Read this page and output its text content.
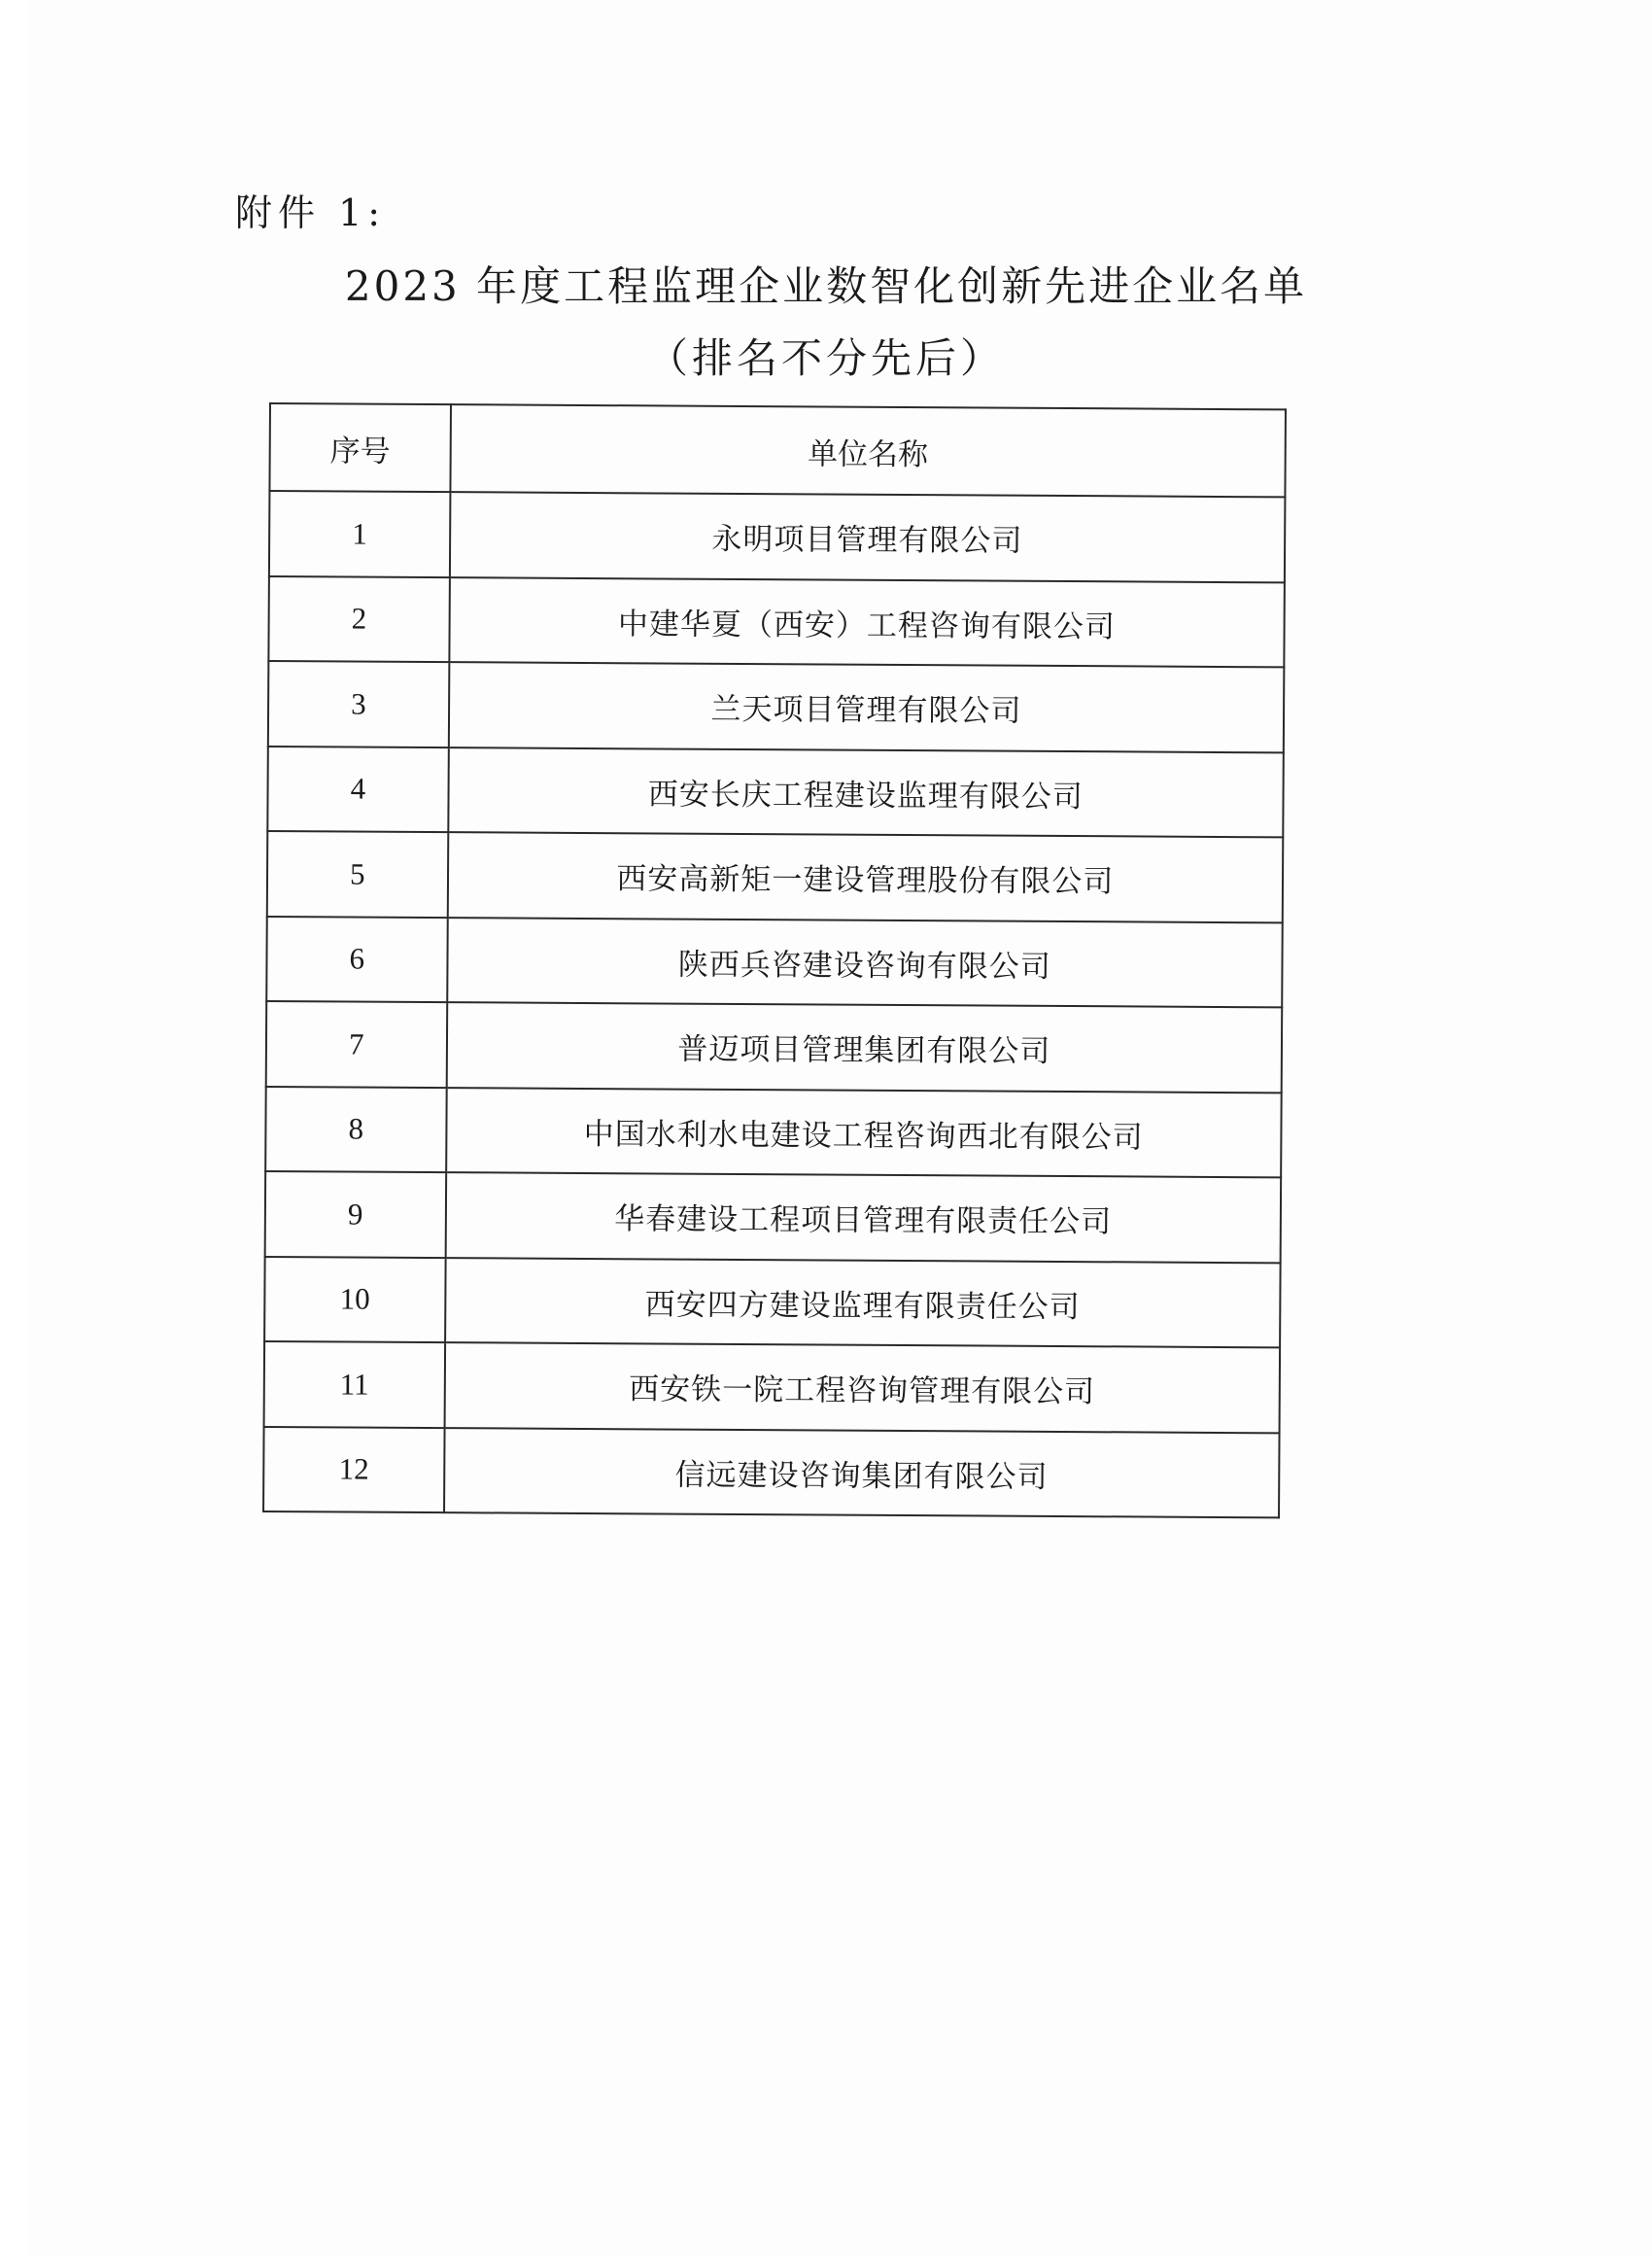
附件 1:
2023 年度工程监理企业数智化创新先进企业名单
（排名不分先后）
序号	单位名称
1	永明项目管理有限公司
2	中建华夏（西安）工程咨询有限公司
3	兰天项目管理有限公司
4	西安长庆工程建设监理有限公司
5	西安高新矩一建设管理股份有限公司
6	陕西兵咨建设咨询有限公司
7	普迈项目管理集团有限公司
8	中国水利水电建设工程咨询西北有限公司
9	华春建设工程项目管理有限责任公司
10	西安四方建设监理有限责任公司
11	西安铁一院工程咨询管理有限公司
12	信远建设咨询集团有限公司
